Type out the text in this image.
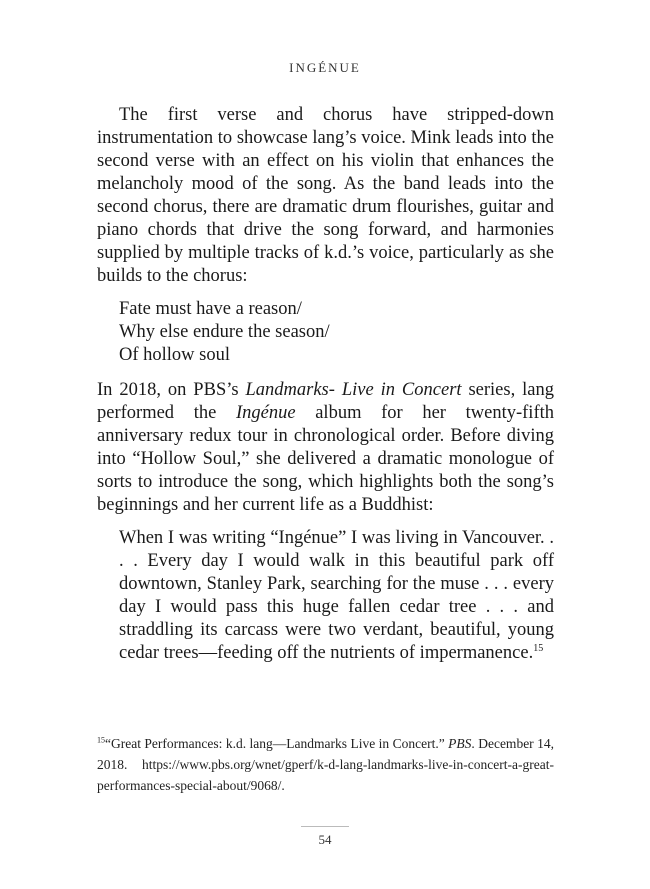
INGÉNUE

The first verse and chorus have stripped-down instrumentation to showcase lang’s voice. Mink leads into the second verse with an effect on his violin that enhances the melancholy mood of the song. As the band leads into the second chorus, there are dramatic drum flourishes, guitar and piano chords that drive the song forward, and harmonies supplied by multiple tracks of k.d.’s voice, particularly as she builds to the chorus:

Fate must have a reason/
Why else endure the season/
Of hollow soul

In 2018, on PBS’s Landmarks- Live in Concert series, lang performed the Ingénue album for her twenty-fifth anniversary redux tour in chronological order. Before diving into “Hollow Soul,” she delivered a dramatic monologue of sorts to introduce the song, which highlights both the song’s beginnings and her current life as a Buddhist:

When I was writing “Ingénue” I was living in Vancouver. . . . Every day I would walk in this beautiful park off downtown, Stanley Park, searching for the muse . . . every day I would pass this huge fallen cedar tree . . . and straddling its carcass were two verdant, beautiful, young cedar trees—feeding off the nutrients of impermanence.$^{15}$
$^{15}$“Great Performances: k.d. lang—Landmarks Live in Concert.” PBS. December 14, 2018. https://www.pbs.org/wnet/gperf/k-d-lang-landmarks-live-in-concert-a-great-performances-special-about/9068/.
54
